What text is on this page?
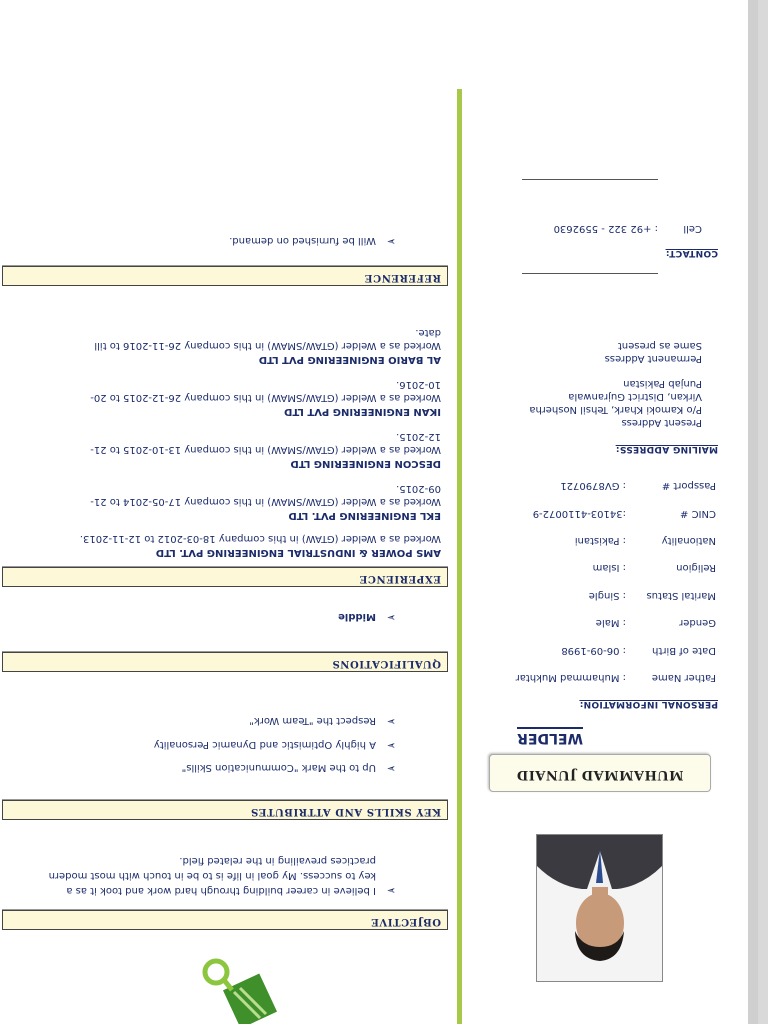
MUHAMMAD JUNAID
WELDER
PERSONAL INFORMATION:
Father Name
: Muhammad Mukhtar
Date of Birth
: 06-09-1998
Gender
: Male
Marital Status
: Single
Religion
: Islam
Nationality
: Pakistani
CNIC #
:34103-4110072-9
Passport #
: GV8790721
MAILING ADDRESS:
Present Address
P/o Kamoki Khark, Tehsil Nosherha
Virkan, District Gujranwala
Punjab Pakistan
Permanent Address
Same as present
CONTACT:
Cell
: +92 322 - 5592630
OBJECTIVE
➢
I believe in career building through hard work and took it as a
key to success. My goal in life is to be in touch with most modern
practices prevailing in the related field.
KEY SKILLS AND ATTRIBUTES
➢
Up to the Mark "Communication Skills"
➢
A highly Optimistic and Dynamic Personality
➢
Respect the "Team Work"
QUALIFICATIONS
➢
Middle
EXPERIENCE
AMS POWER & INDUSTRIAL ENGINEERING PVT. LTD
Worked as a Welder (GTAW) in this company 18-03-2012 to 12-11-2013.
EKL ENGINEERING PVT. LTD
Worked as a Welder (GTAW/SMAW) in this company 17-05-2014 to 21-
09-2015.
DESCON ENGINEERING LTD
Worked as a Welder (GTAW/SMAW) in this company 13-10-2015 to 21-
12-2015.
IKAN ENGINEERING PVT LTD
Worked as a Welder (GTAW/SMAW) in this company 26-12-2015 to 20-
10-2016.
AL BARIO ENGINEERING PVT LTD
Worked as a Welder (GTAW/SMAW) in this company 26-11-2016 to till
date.
REFERENCE
➢
Will be furnished on demand.
